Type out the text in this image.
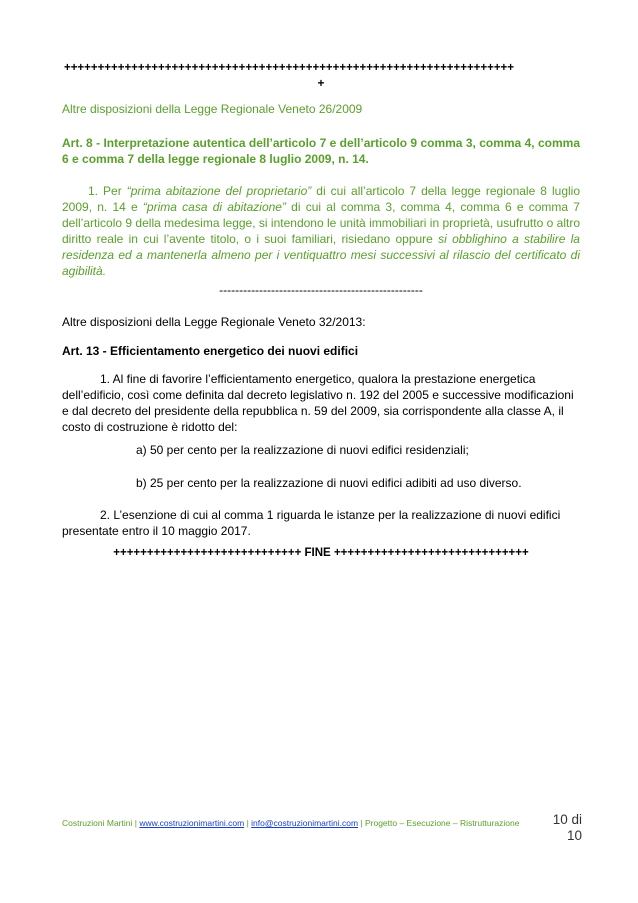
+++++++++++++++++++++++++++++++++++++++++++++++++++++++++++++++++++
+
Altre disposizioni della Legge Regionale Veneto 26/2009
Art. 8 - Interpretazione autentica dell’articolo 7 e dell’articolo 9 comma 3, comma 4, comma 6 e comma 7 della legge regionale 8 luglio 2009, n. 14.
1. Per “prima abitazione del proprietario” di cui all’articolo 7 della legge regionale 8 luglio 2009, n. 14 e “prima casa di abitazione” di cui al comma 3, comma 4, comma 6 e comma 7 dell’articolo 9 della medesima legge, si intendono le unità immobiliari in proprietà, usufrutto o altro diritto reale in cui l’avente titolo, o i suoi familiari, risiedano oppure si obblighino a stabilire la residenza ed a mantenerla almeno per i ventiquattro mesi successivi al rilascio del certificato di agibilità.
---------------------------------------------------
Altre disposizioni della Legge Regionale Veneto 32/2013:
Art. 13 - Efficientamento energetico dei nuovi edifici
1. Al fine di favorire l’efficientamento energetico, qualora la prestazione energetica dell’edificio, così come definita dal decreto legislativo n. 192 del 2005 e successive modificazioni e dal decreto del presidente della repubblica n. 59 del 2009, sia corrispondente alla classe A, il costo di costruzione è ridotto del:
a) 50 per cento per la realizzazione di nuovi edifici residenziali;
b) 25 per cento per la realizzazione di nuovi edifici adibiti ad uso diverso.
2. L’esenzione di cui al comma 1 riguarda le istanze per la realizzazione di nuovi edifici presentate entro il 10 maggio 2017.
++++++++++++++++++++++++++++ FINE +++++++++++++++++++++++++++++
Costruzioni Martini | www.costruzionimartini.com | info@costruzionimartini.com | Progetto – Esecuzione – Ristrutturazione 10 di
10
